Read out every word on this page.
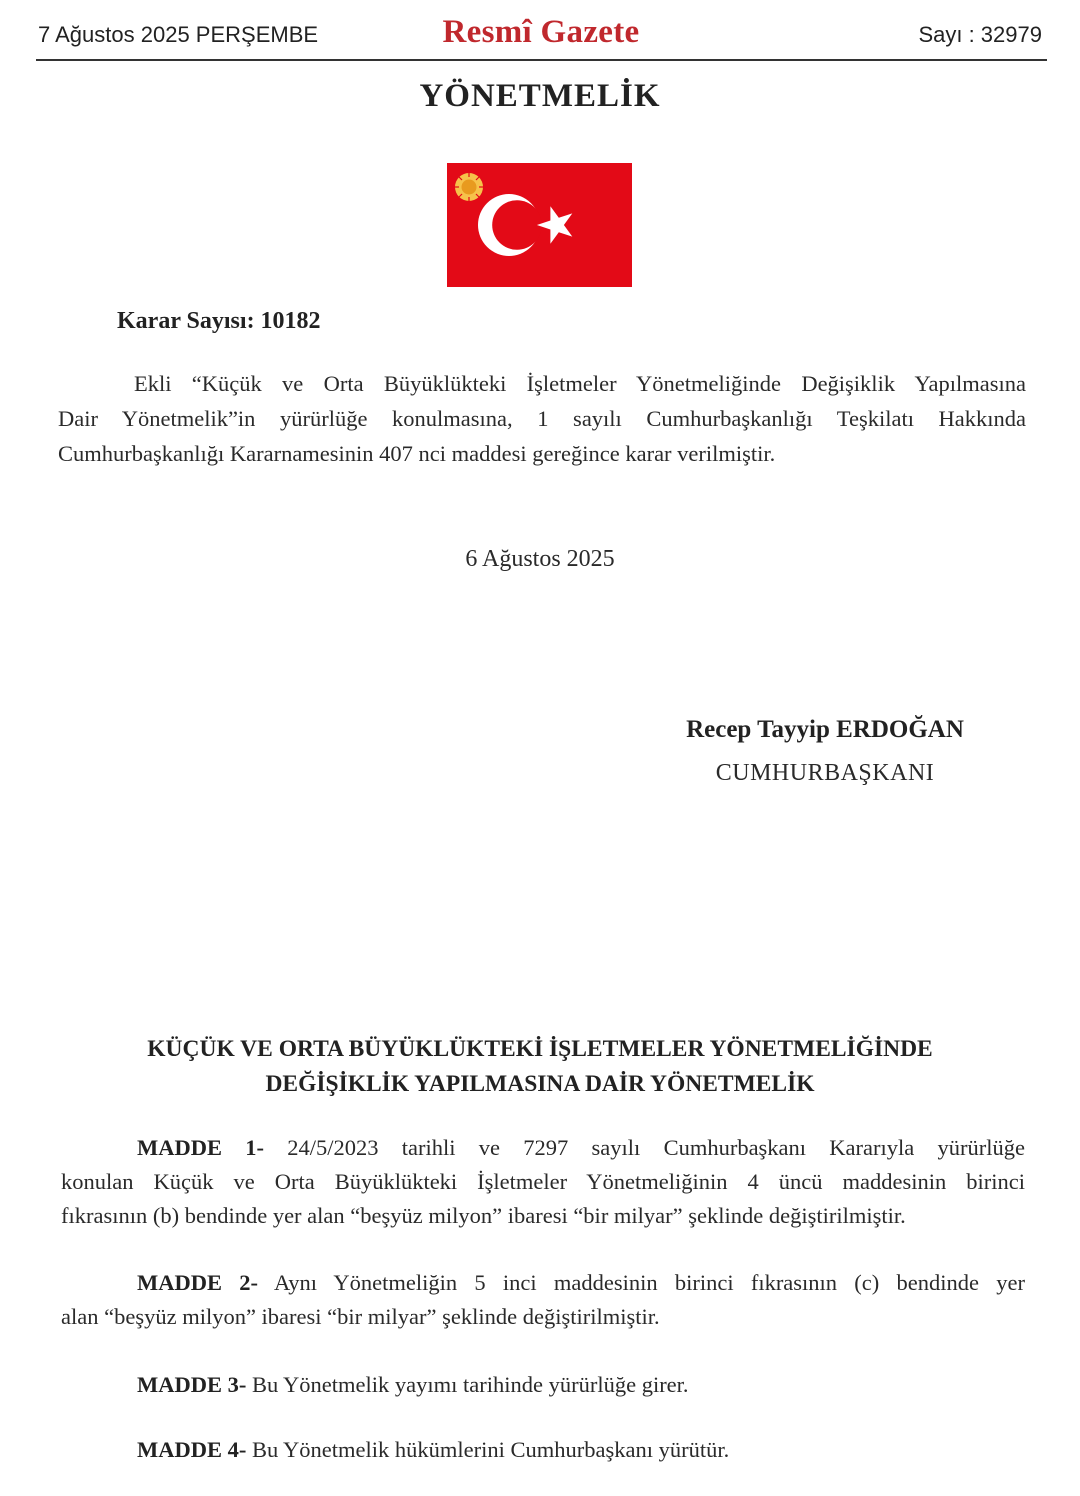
7 Ağustos 2025 PERŞEMBE	Resmî Gazete	Sayı : 32979
YÖNETMELİK
Karar Sayısı: 10182
Ekli “Küçük ve Orta Büyüklükteki İşletmeler Yönetmeliğinde Değişiklik Yapılmasına
Dair Yönetmelik”in yürürlüğe konulmasına, 1 sayılı Cumhurbaşkanlığı Teşkilatı Hakkında
Cumhurbaşkanlığı Kararnamesinin 407 nci maddesi gereğince karar verilmiştir.
6 Ağustos 2025
Recep Tayyip ERDOĞAN
CUMHURBAŞKANI
KÜÇÜK VE ORTA BÜYÜKLÜKTEKİ İŞLETMELER YÖNETMELİĞİNDE
DEĞİŞİKLİK YAPILMASINA DAİR YÖNETMELİK
MADDE 1- 24/5/2023 tarihli ve 7297 sayılı Cumhurbaşkanı Kararıyla yürürlüğe
konulan Küçük ve Orta Büyüklükteki İşletmeler Yönetmeliğinin 4 üncü maddesinin birinci
fıkrasının (b) bendinde yer alan “beşyüz milyon” ibaresi “bir milyar” şeklinde değiştirilmiştir.
MADDE 2- Aynı Yönetmeliğin 5 inci maddesinin birinci fıkrasının (c) bendinde yer
alan “beşyüz milyon” ibaresi “bir milyar” şeklinde değiştirilmiştir.
MADDE 3- Bu Yönetmelik yayımı tarihinde yürürlüğe girer.
MADDE 4- Bu Yönetmelik hükümlerini Cumhurbaşkanı yürütür.
